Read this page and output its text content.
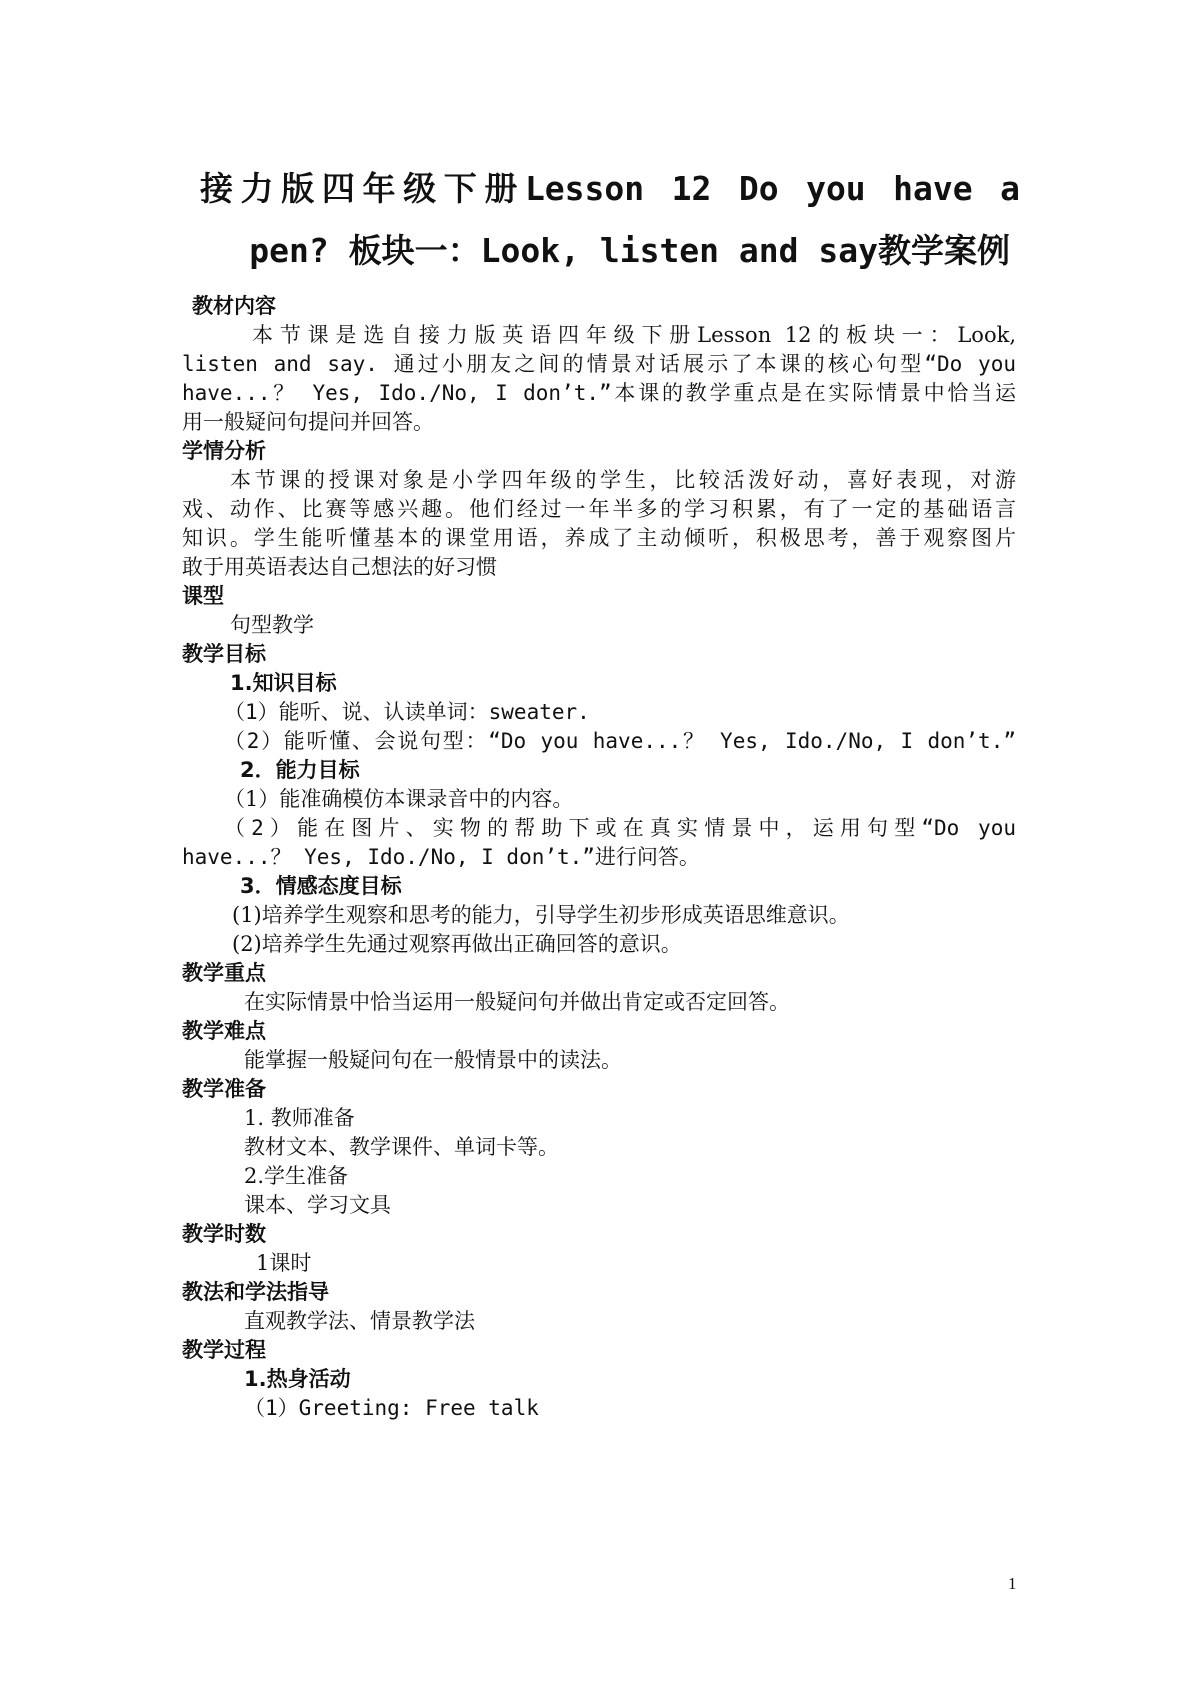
接力版四年级下册Lesson 12 Do you have a
pen? 板块一：Look, listen and say教学案例
教材内容
本节课是选自接力版英语四年级下册Lesson 12的板块一：Look,
listen and say. 通过小朋友之间的情景对话展示了本课的核心句型“Do you
have...？ Yes, Ido./No, I don’t.”本课的教学重点是在实际情景中恰当运
用一般疑问句提问并回答。
学情分析
本节课的授课对象是小学四年级的学生，比较活泼好动，喜好表现，对游
戏、动作、比赛等感兴趣。他们经过一年半多的学习积累，有了一定的基础语言
知识。学生能听懂基本的课堂用语，养成了主动倾听，积极思考，善于观察图片
敢于用英语表达自己想法的好习惯
课型
句型教学
教学目标
1.知识目标
（1）能听、说、认读单词：sweater.
（2）能听懂、会说句型：“Do you have...？ Yes, Ido./No, I don’t.”
2．能力目标
（1）能准确模仿本课录音中的内容。
（2）能在图片、实物的帮助下或在真实情景中，运用句型“Do you
have...？ Yes, Ido./No, I don’t.”进行问答。
3．情感态度目标
(1)培养学生观察和思考的能力，引导学生初步形成英语思维意识。
(2)培养学生先通过观察再做出正确回答的意识。
教学重点
在实际情景中恰当运用一般疑问句并做出肯定或否定回答。
教学难点
能掌握一般疑问句在一般情景中的读法。
教学准备
1. 教师准备
教材文本、教学课件、单词卡等。
2.学生准备
课本、学习文具
教学时数
1课时
教法和学法指导
直观教学法、情景教学法
教学过程
1.热身活动
（1）Greeting: Free talk
1
